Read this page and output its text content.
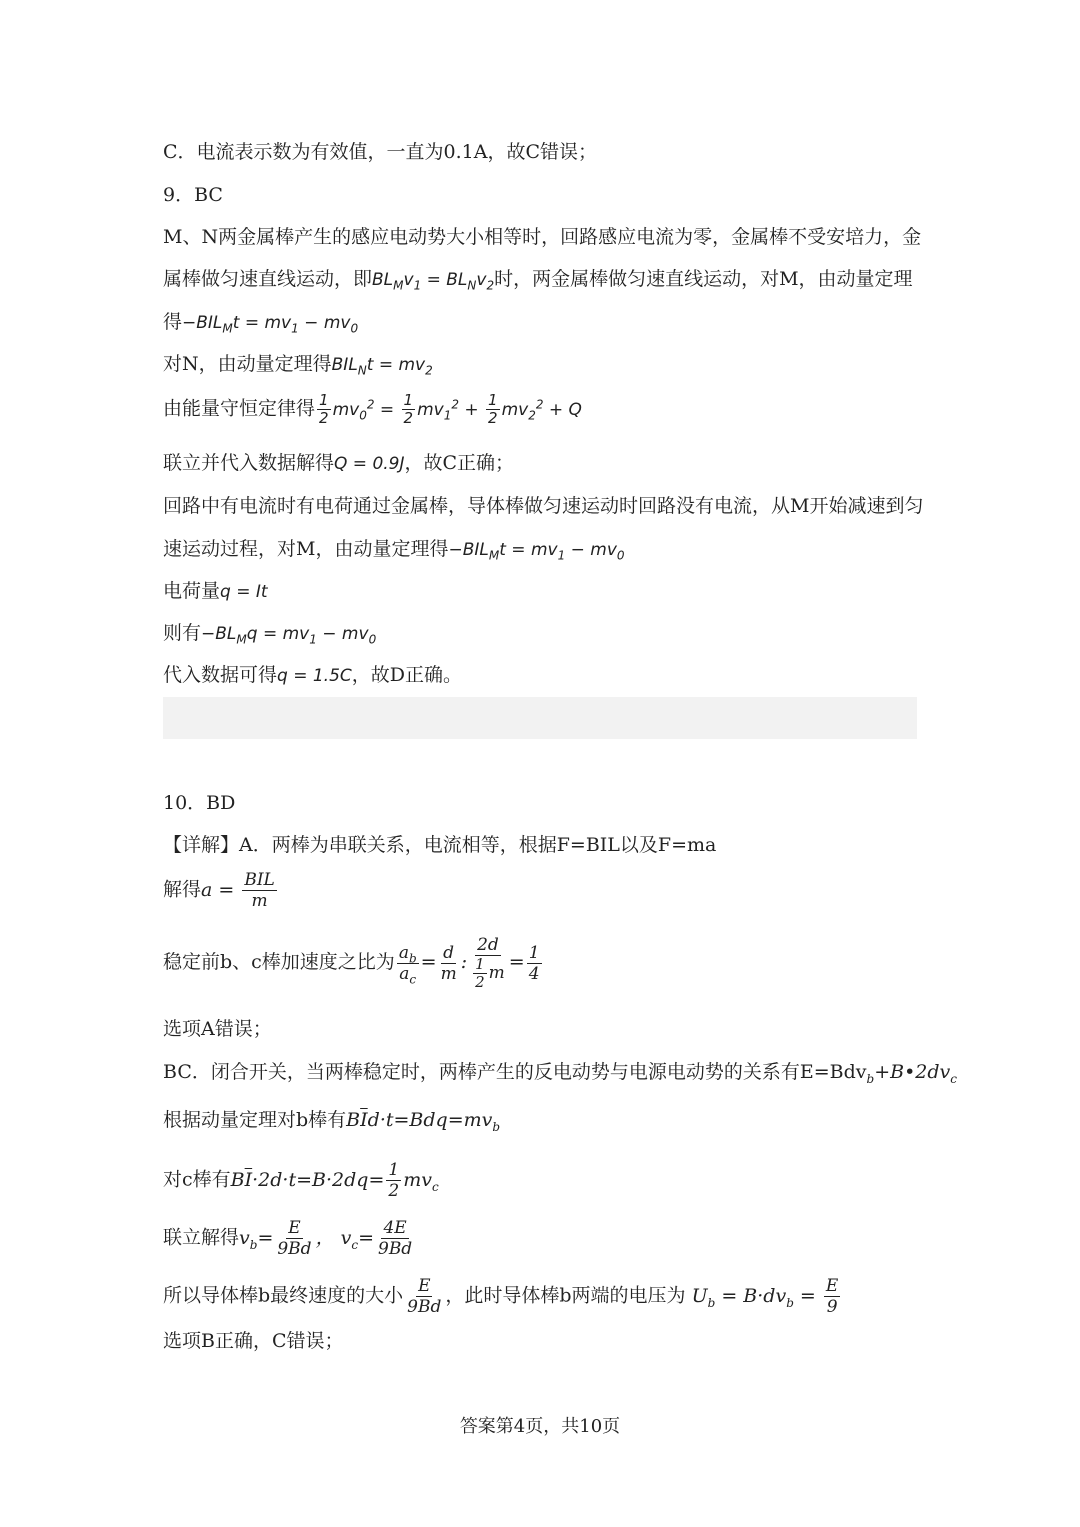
C．电流表示数为有效值，一直为0.1A，故C错误；
9．BC
M、N两金属棒产生的感应电动势大小相等时，回路感应电流为零，金属棒不受安培力，金
属棒做匀速直线运动，即$BL_Mv_1 = BL_Nv_2$时，两金属棒做匀速直线运动，对M，由动量定理
得$-BIL_Mt = mv_1 - mv_0$
对N，由动量定理得$BIL_Nt = mv_2$
由能量守恒定律得 $\frac{1}{2} mv_0^2 = \frac{1}{2} mv_1^2 + \frac{1}{2} mv_2^2 + Q$
联立并代入数据解得Q = 0.9J，故C正确；
回路中有电流时有电荷通过金属棒，导体棒做匀速运动时回路没有电流，从M开始减速到匀
速运动过程，对M，由动量定理得$-BIL_Mt = mv_1 - mv_0$
电荷量q = It
则有$-BL_Mq = mv_1 - mv_0$
代入数据可得q = 1.5C，故D正确。
10．BD
【详解】A．两棒为串联关系，电流相等，根据F=BIL以及F=ma
解得$a = \frac{\text{BIL}}{m}$
稳定前b、c棒加速度之比为 $\frac{a_b}{a_c} = \frac{d}{m}$ : $\frac{2d}{\frac{1}{2} m} = \frac{1}{4}$
选项A错误；
BC．闭合开关，当两棒稳定时，两棒产生的反电动势与电源电动势的关系有$E=Bdv_b+B•2dv_c$
根据动量定理对b棒有$B\overline{I}d\cdot t=Bdq=mv_b$
对c棒有$B\overline{I}\cdot 2d\cdot t=B\cdot 2dq= \frac{1}{2} mv_c$
联立解得$v_b= \frac{E}{9Bd}$ ， $v_c= \frac{4E}{9Bd}$
所以导体棒b最终速度的大小 $\frac{E}{9Bd}$ ，此时导体棒b两端的电压为 $U_b = B\cdot dv_b = \frac{E}{9}$
选项B正确，C错误；
答案第4页，共10页
